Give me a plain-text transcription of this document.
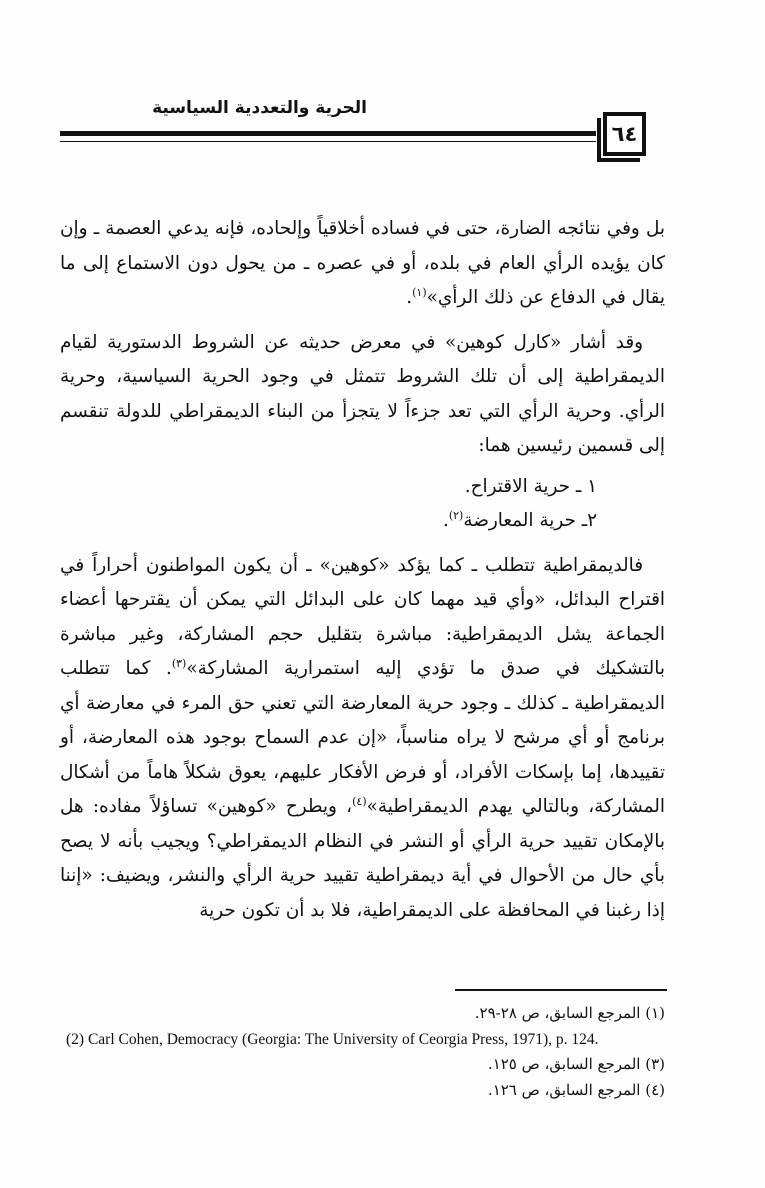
الحرية والتعددية السياسية
٦٤

بل وفي نتائجه الضارة، حتى في فساده أخلاقياً وإلحاده، فإنه يدعي العصمة ـ وإن كان يؤيده الرأي العام في بلده، أو في عصره ـ من يحول دون الاستماع إلى ما يقال في الدفاع عن ذلك الرأي»$^{(١)}$.

وقد أشار «كارل كوهين» في معرض حديثه عن الشروط الدستورية لقيام الديمقراطية إلى أن تلك الشروط تتمثل في وجود الحرية السياسية، وحرية الرأي. وحرية الرأي التي تعد جزءاً لا يتجزأ من البناء الديمقراطي للدولة تنقسم إلى قسمين رئيسين هما:

١ ـ حرية الاقتراح.

٢ـ حرية المعارضة$^{(٢)}$.

فالديمقراطية تتطلب ـ كما يؤكد «كوهين» ـ أن يكون المواطنون أحراراً في اقتراح البدائل، «وأي قيد مهما كان على البدائل التي يمكن أن يقترحها أعضاء الجماعة يشل الديمقراطية: مباشرة بتقليل حجم المشاركة، وغير مباشرة بالتشكيك في صدق ما تؤدي إليه استمرارية المشاركة»$^{(٣)}$. كما تتطلب الديمقراطية ـ كذلك ـ وجود حرية المعارضة التي تعني حق المرء في معارضة أي برنامج أو أي مرشح لا يراه مناسباً، «إن عدم السماح بوجود هذه المعارضة، أو تقييدها، إما بإسكات الأفراد، أو فرض الأفكار عليهم، يعوق شكلاً هاماً من أشكال المشاركة، وبالتالي يهدم الديمقراطية»$^{(٤)}$، ويطرح «كوهين» تساؤلاً مفاده: هل بالإمكان تقييد حرية الرأي أو النشر في النظام الديمقراطي؟ ويجيب بأنه لا يصح بأي حال من الأحوال في أية ديمقراطية تقييد حرية الرأي والنشر، ويضيف: «إننا إذا رغبنا في المحافظة على الديمقراطية، فلا بد أن تكون حرية

(١) المرجع السابق، ص ٢٨-٢٩.
(2) Carl Cohen, Democracy (Georgia: The University of Ceorgia Press, 1971), p. 124.
(٣) المرجع السابق، ص ١٢٥.
(٤) المرجع السابق، ص ١٢٦.
